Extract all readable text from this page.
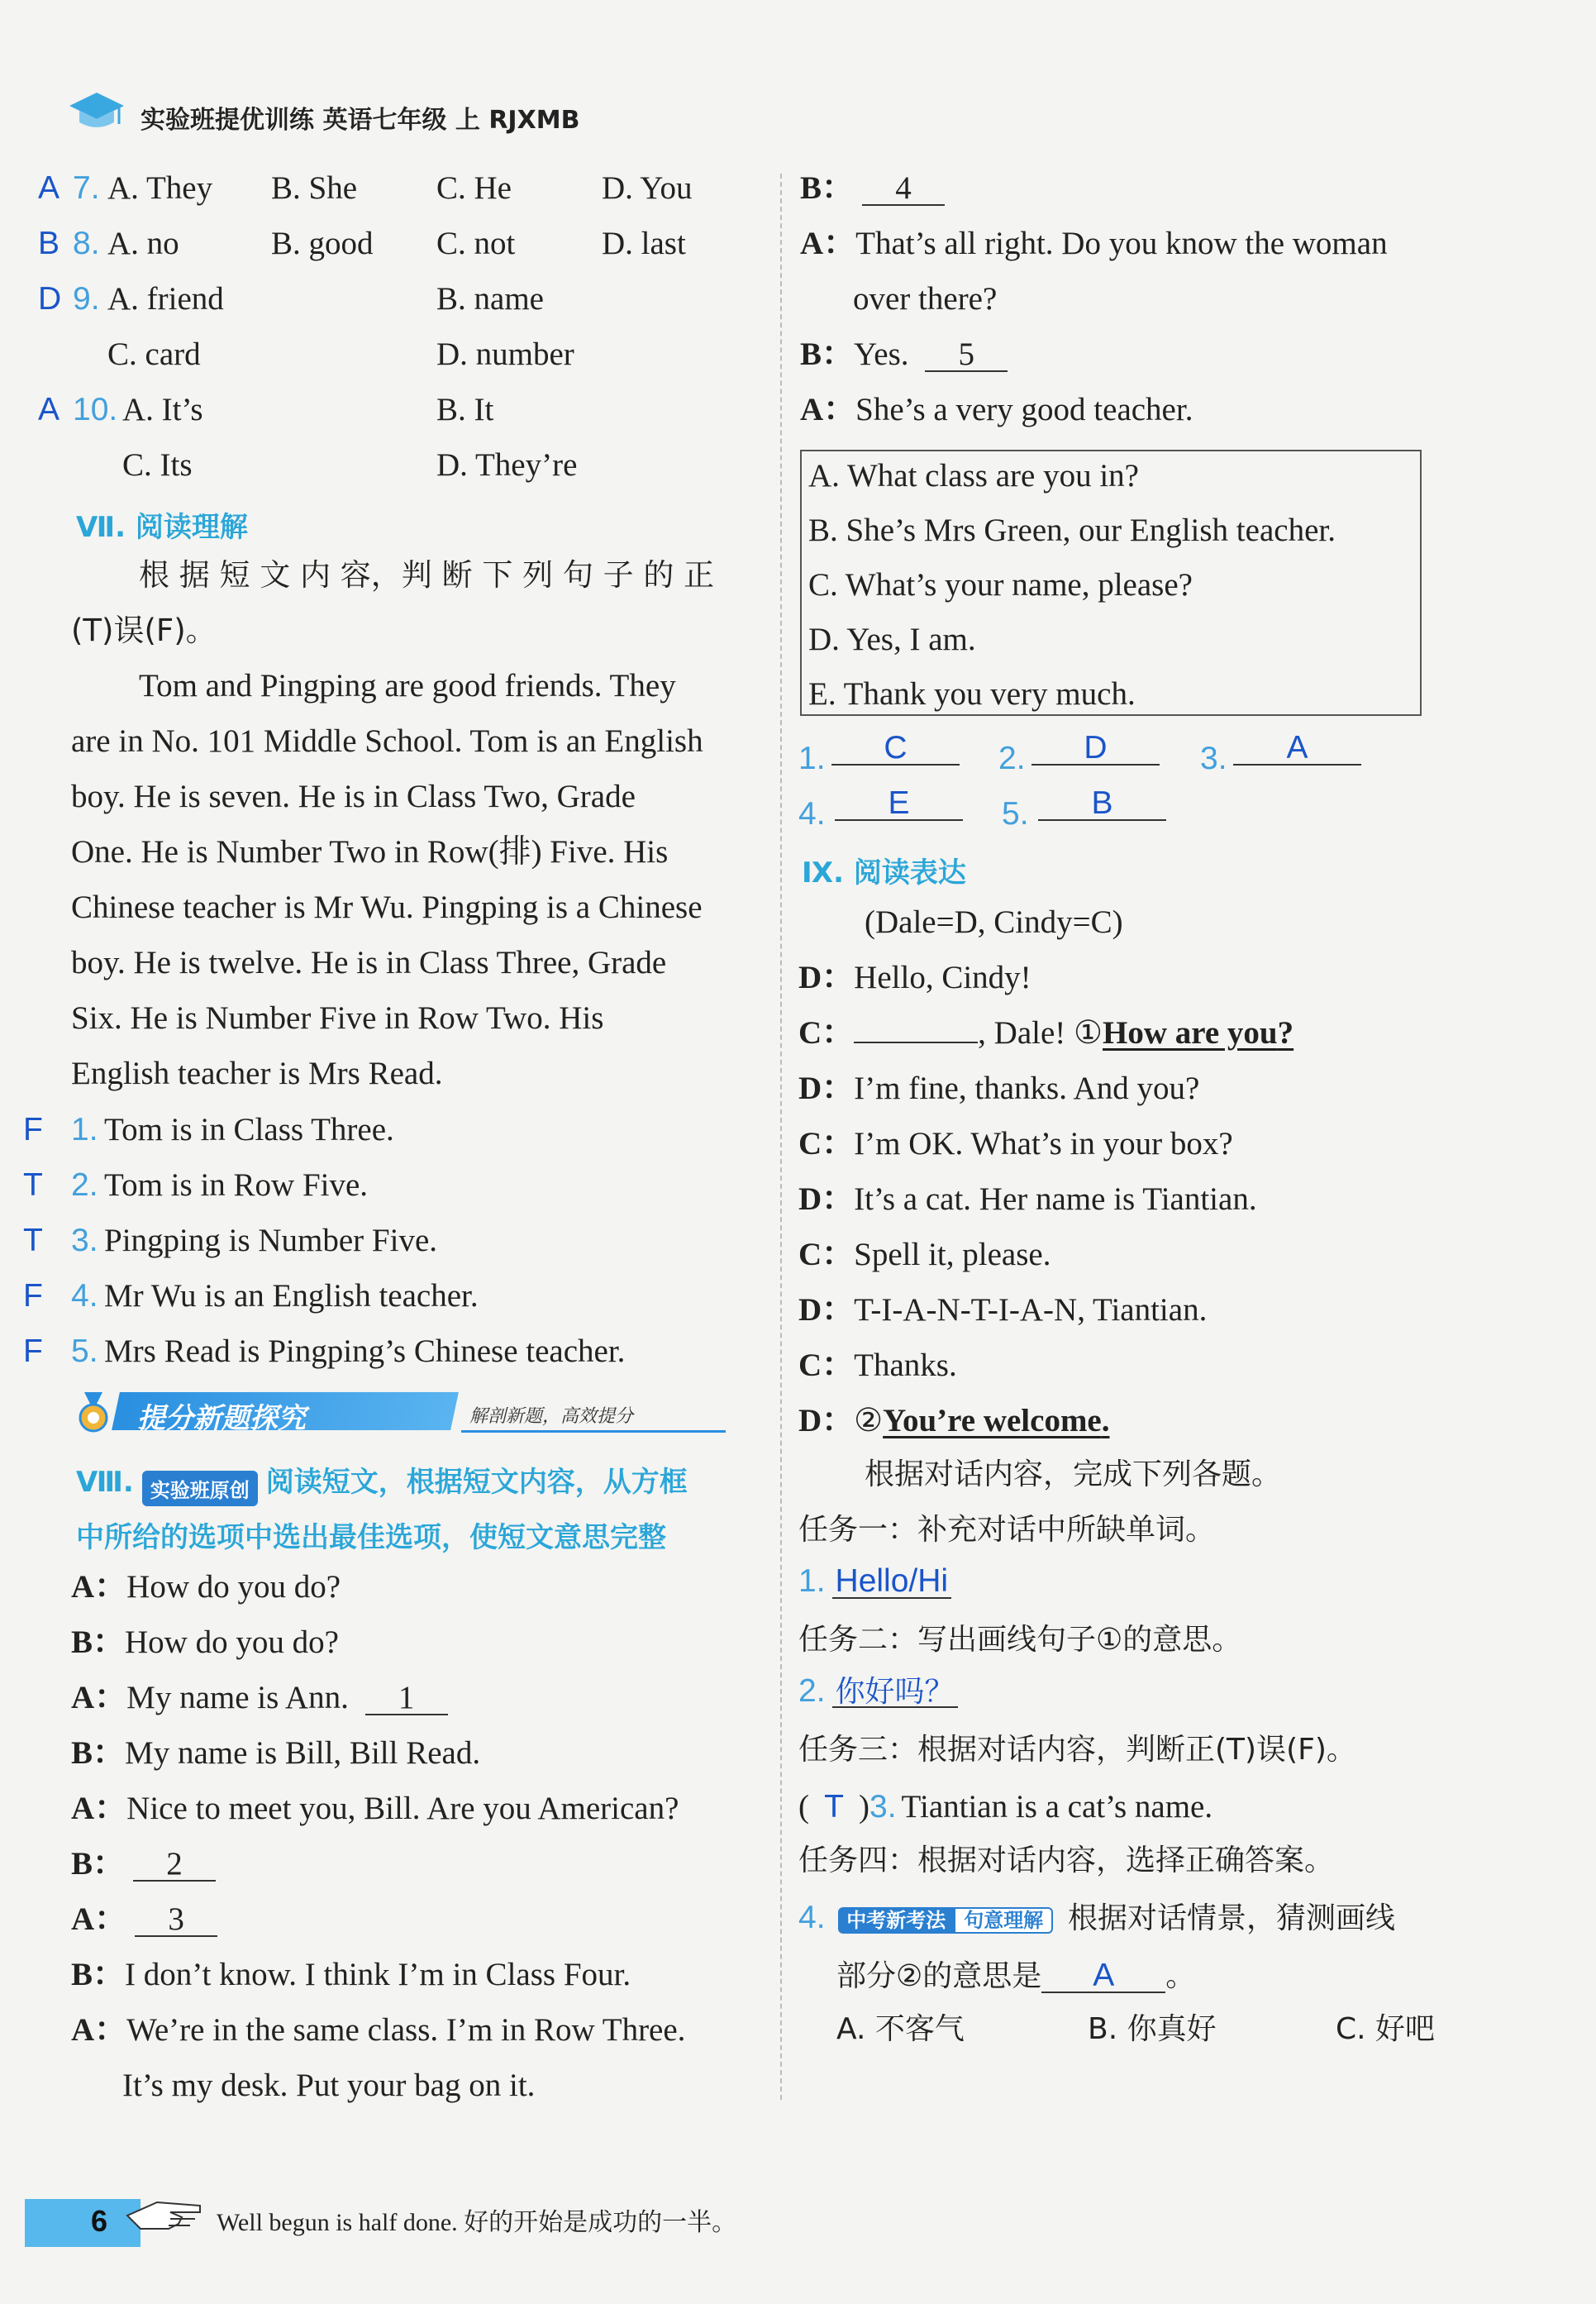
实验班提优训练 英语七年级 上 RJXMB
A 7. A. They B. She C. He	D. You
B 8. A. no	B. good C. not	D. last
D 9. A. friend	B. name
C. card	D. number
A 10. A. It’s	B. It
C. Its	D. They’re
Ⅶ. 阅读理解
根 据 短 文 内 容，判 断 下 列 句 子 的 正
(T)误(F)。
Tom and Pingping are good friends. They
are in No. 101 Middle School. Tom is an English
boy. He is seven. He is in Class Two, Grade
One. He is Number Two in Row(排) Five. His
Chinese teacher is Mr Wu. Pingping is a Chinese
boy. He is twelve. He is in Class Three, Grade
Six. He is Number Five in Row Two. His
English teacher is Mrs Read.
F 1. Tom is in Class Three.
T 2. Tom is in Row Five.
T 3. Pingping is Number Five.
F 4. Mr Wu is an English teacher.
F 5. Mrs Read is Pingping’s Chinese teacher.
提分新题探究	解剖新题，高效提分
Ⅷ. 实验班原创 阅读短文，根据短文内容，从方框
中所给的选项中选出最佳选项，使短文意思完整
A：How do you do?
B：How do you do?
A：My name is Ann. 1
B：My name is Bill, Bill Read.
A：Nice to meet you, Bill. Are you American?
B： 2
A： 3
B：I don’t know. I think I’m in Class Four.
A：We’re in the same class. I’m in Row Three.
It’s my desk. Put your bag on it.
B： 4
A：That’s all right. Do you know the woman
over there?
B：Yes. 5
A：She’s a very good teacher.
A. What class are you in?
B. She’s Mrs Green, our English teacher.
C. What’s your name, please?
D. Yes, I am.
E. Thank you very much.
1.	C	2.	D	3.	A
4.	E	5.	B
Ⅸ. 阅读表达
(Dale=D, Cindy=C)
D：Hello, Cindy!
C：	, Dale! ①How are you?
D：I’m fine, thanks. And you?
C：I’m OK. What’s in your box?
D：It’s a cat. Her name is Tiantian.
C：Spell it, please.
D：T-I-A-N-T-I-A-N, Tiantian.
C：Thanks.
D：②You’re welcome.
根据对话内容，完成下列各题。
任务一：补充对话中所缺单词。
1. Hello/Hi
任务二：写出画线句子①的意思。
2. 你好吗？
任务三：根据对话内容，判断正(T)误(F)。
( T )3. Tiantian is a cat’s name.
任务四：根据对话内容，选择正确答案。
4. 中考新考法 句意理解 根据对话情景，猜测画线
部分②的意思是 A 。
A. 不客气	B. 你真好	C. 好吧
6	Well begun is half done. 好的开始是成功的一半。
